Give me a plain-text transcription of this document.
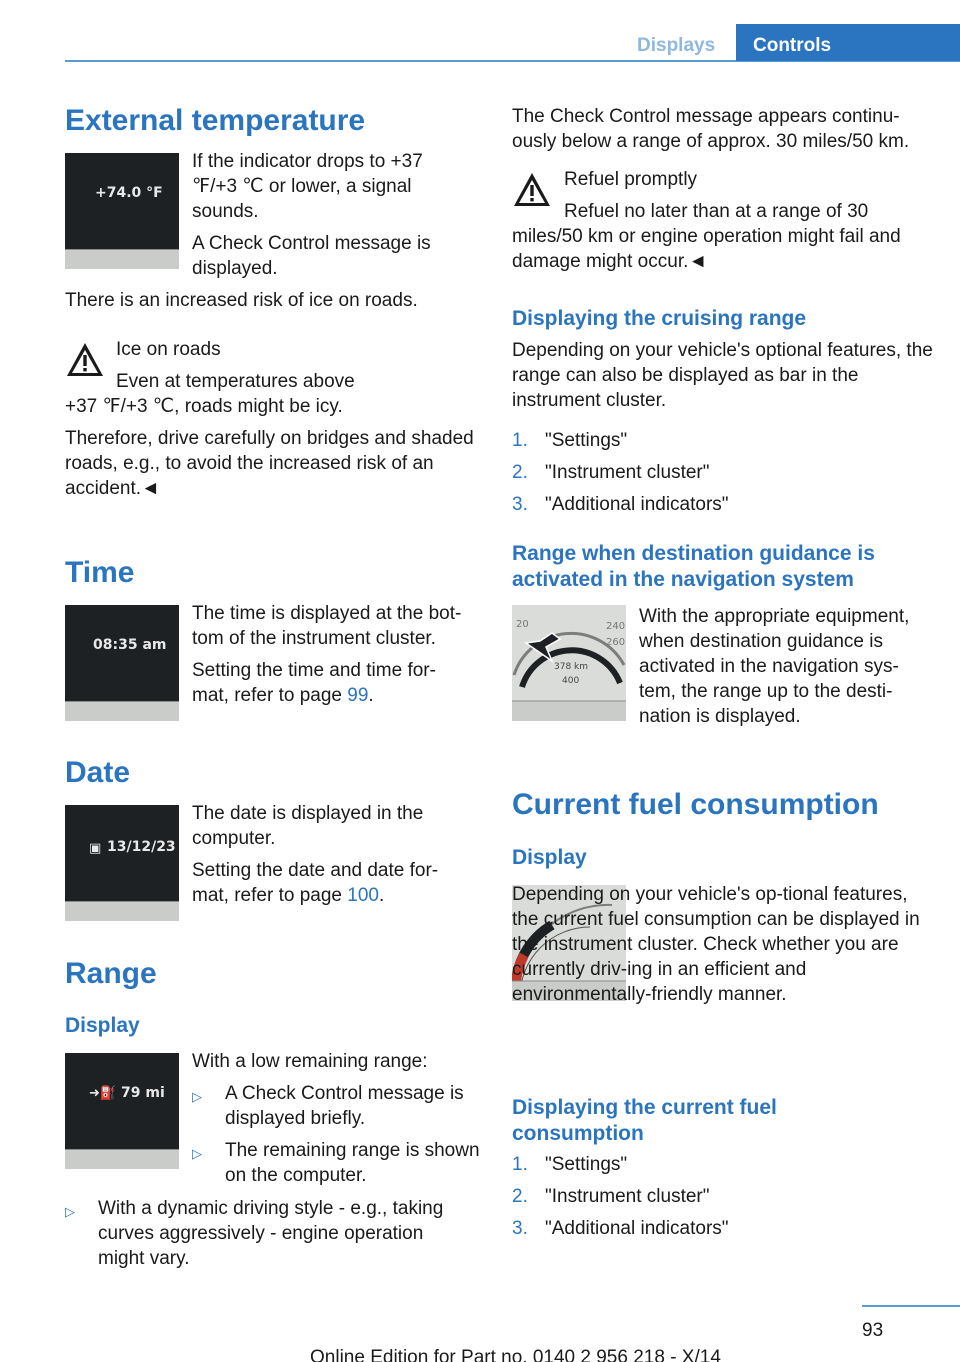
Displays	Controls
External temperature
+74.0 °F
If the indicator drops to +37 ℉/+3 ℃ or lower, a signal sounds.
A Check Control message is displayed.
There is an increased risk of ice on roads.
Ice on roads
Even at temperatures above +37 ℉/+3 ℃, roads might be icy.
Therefore, drive carefully on bridges and shaded roads, e.g., to avoid the increased risk of an accident.◄
Time
08:35 am
The time is displayed at the bot-tom of the instrument cluster.
Setting the time and time for-mat, refer to page 99.
Date
▣ 13/12/23
The date is displayed in the computer.
Setting the date and date for-mat, refer to page 100.
Range
Display
➜⛽ 79 mi
With a low remaining range:
▷ A Check Control message is displayed briefly.
▷ The remaining range is shown on the computer.
▷ With a dynamic driving style - e.g., taking curves aggressively - engine operation might vary.
The Check Control message appears continu-ously below a range of approx. 30 miles/50 km.
Refuel promptly
Refuel no later than at a range of 30 miles/50 km or engine operation might fail and damage might occur.◄
Displaying the cruising range
Depending on your vehicle's optional features, the range can also be displayed as bar in the instrument cluster.
1. "Settings"
2. "Instrument cluster"
3. "Additional indicators"
Range when destination guidance is activated in the navigation system
20	240
260
378 km
400
With the appropriate equipment, when destination guidance is activated in the navigation sys-tem, the range up to the desti-nation is displayed.
Current fuel consumption
Display
Depending on your vehicle's op-tional features, the current fuel consumption can be displayed in the instrument cluster. Check whether you are currently driv-ing in an efficient and environmentally-friendly manner.
Displaying the current fuel consumption
1. "Settings"
2. "Instrument cluster"
3. "Additional indicators"
93
Online Edition for Part no. 0140 2 956 218 - X/14
